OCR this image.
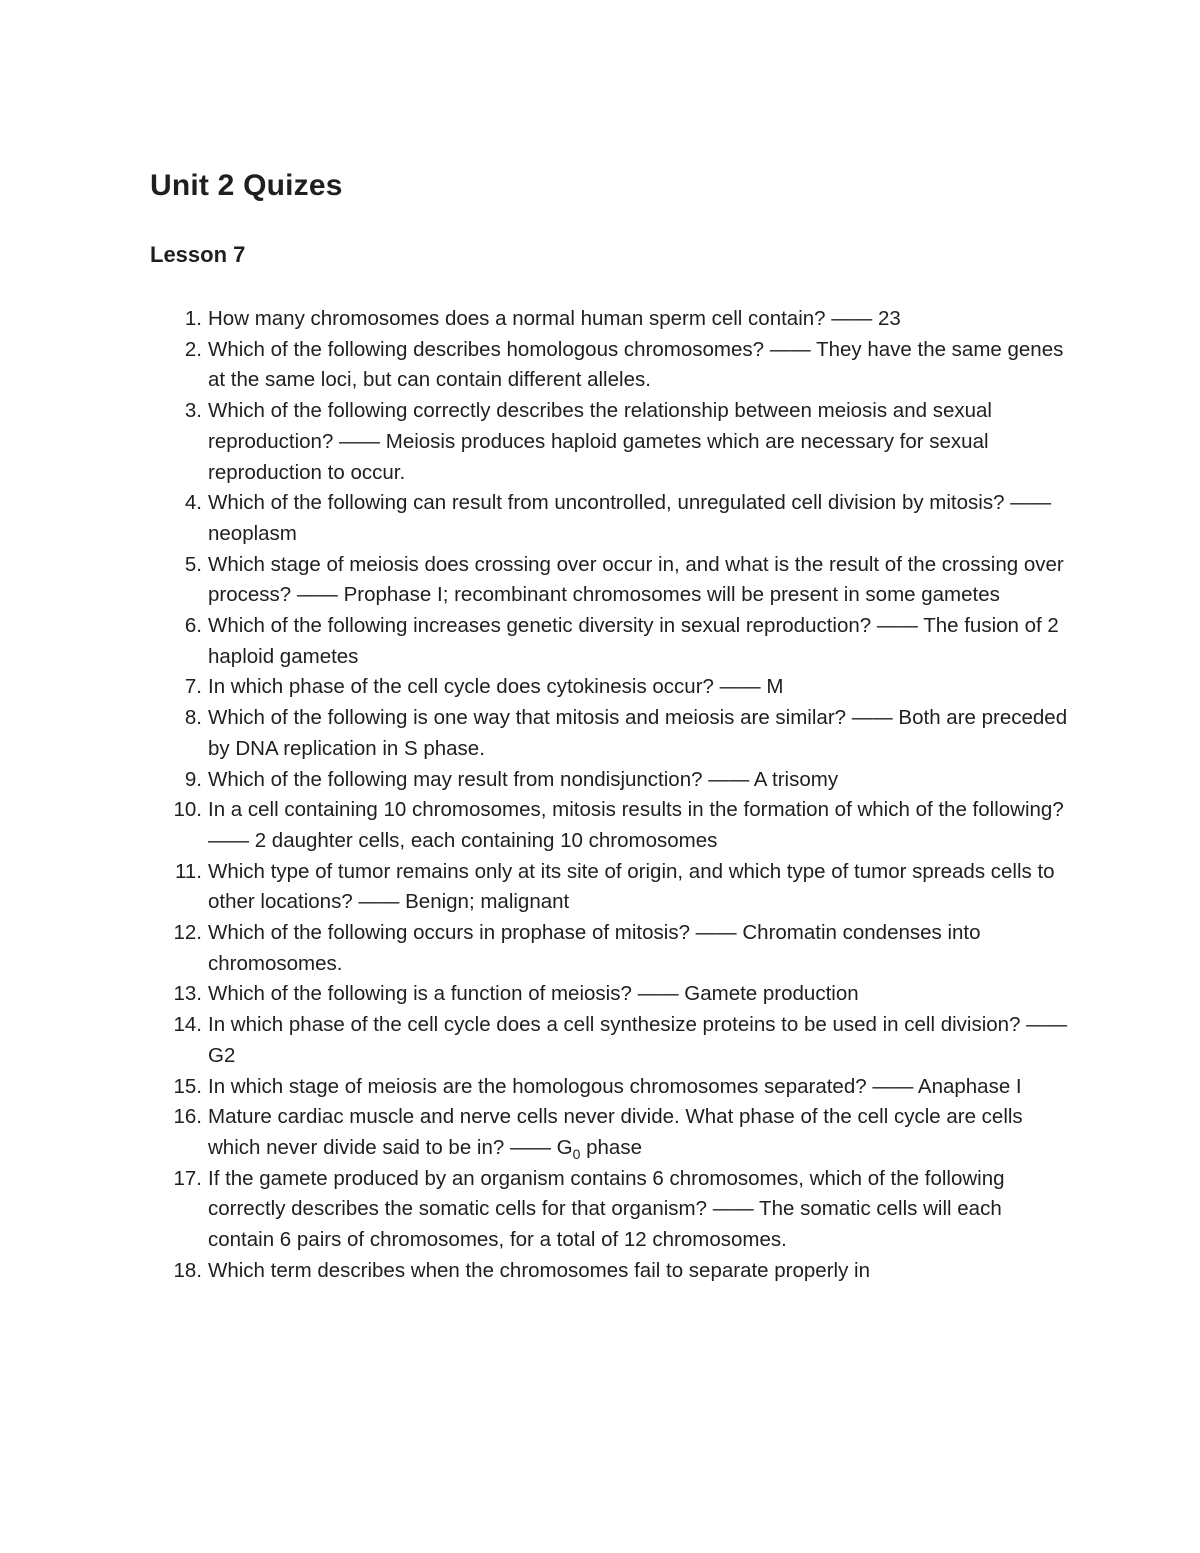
Unit 2 Quizes
Lesson 7
1. How many chromosomes does a normal human sperm cell contain? —— 23
2. Which of the following describes homologous chromosomes? —— They have the same genes at the same loci, but can contain different alleles.
3. Which of the following correctly describes the relationship between meiosis and sexual reproduction? —— Meiosis produces haploid gametes which are necessary for sexual reproduction to occur.
4. Which of the following can result from uncontrolled, unregulated cell division by mitosis? —— neoplasm
5. Which stage of meiosis does crossing over occur in, and what is the result of the crossing over process? —— Prophase I; recombinant chromosomes will be present in some gametes
6. Which of the following increases genetic diversity in sexual reproduction? —— The fusion of 2 haploid gametes
7. In which phase of the cell cycle does cytokinesis occur? —— M
8. Which of the following is one way that mitosis and meiosis are similar? —— Both are preceded by DNA replication in S phase.
9. Which of the following may result from nondisjunction? —— A trisomy
10. In a cell containing 10 chromosomes, mitosis results in the formation of which of the following? —— 2 daughter cells, each containing 10 chromosomes
11. Which type of tumor remains only at its site of origin, and which type of tumor spreads cells to other locations? —— Benign; malignant
12. Which of the following occurs in prophase of mitosis? —— Chromatin condenses into chromosomes.
13. Which of the following is a function of meiosis? —— Gamete production
14. In which phase of the cell cycle does a cell synthesize proteins to be used in cell division? —— G2
15. In which stage of meiosis are the homologous chromosomes separated? —— Anaphase I
16. Mature cardiac muscle and nerve cells never divide. What phase of the cell cycle are cells which never divide said to be in? —— $G_0$ phase
17. If the gamete produced by an organism contains 6 chromosomes, which of the following correctly describes the somatic cells for that organism? —— The somatic cells will each contain 6 pairs of chromosomes, for a total of 12 chromosomes.
18. Which term describes when the chromosomes fail to separate properly in
